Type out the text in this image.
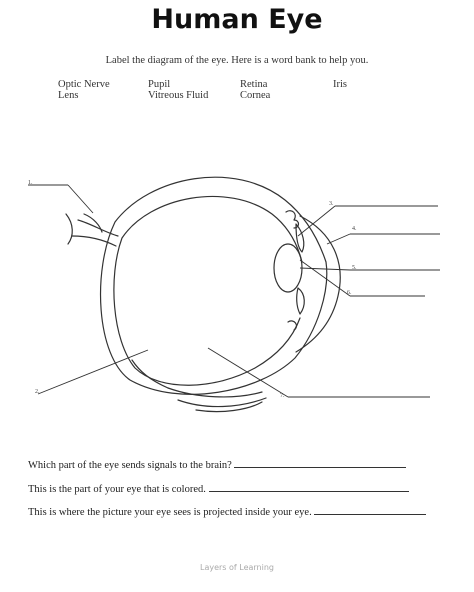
Human Eye
Label the diagram of the eye. Here is a word bank to help you.
Optic Nerve
Lens
Pupil
Vitreous Fluid
Retina
Cornea
Iris
1.
2.
3.
4.
5.
6.
7.
Which part of the eye sends signals to the brain?
This is the part of your eye that is colored.
This is where the picture your eye sees is projected inside your eye.
Layers of Learning
